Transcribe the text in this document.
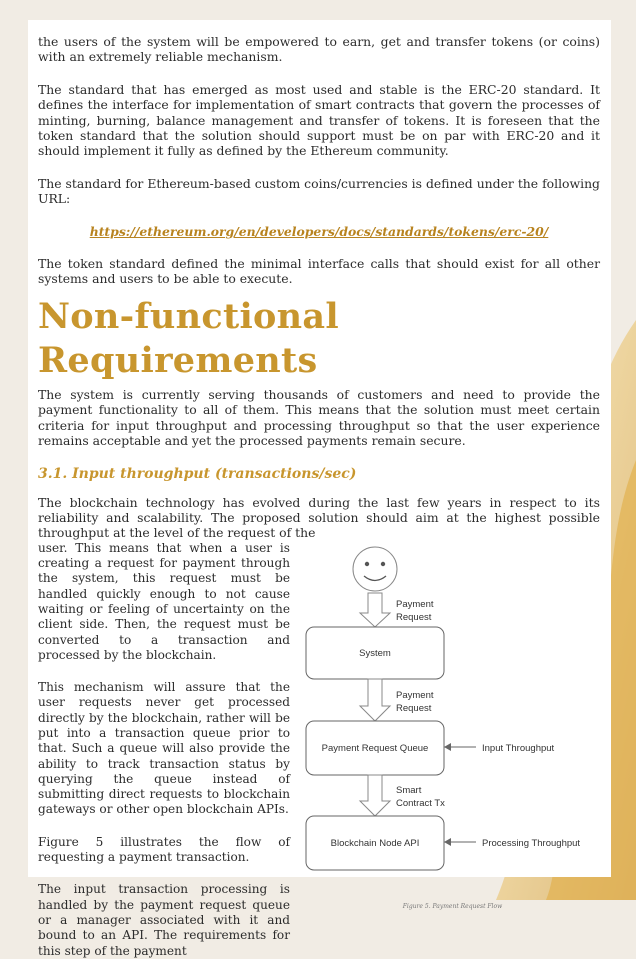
the users of the system will be empowered to earn, get and transfer tokens (or coins) with an extremely reliable mechanism.

The standard that has emerged as most used and stable is the ERC-20 standard. It defines the interface for implementation of smart contracts that govern the processes of minting, burning, balance management and transfer of tokens. It is foreseen that the token standard that the solution should support must be on par with ERC-20 and it should implement it fully as defined by the Ethereum community.

The standard for Ethereum-based custom coins/currencies is defined under the following URL:

https://ethereum.org/en/developers/docs/standards/tokens/erc-20/

The token standard defined the minimal interface calls that should exist for all other systems and users to be able to execute.

Non-functional Requirements

The system is currently serving thousands of customers and need to provide the payment functionality to all of them. This means that the solution must meet certain criteria for input throughput and processing throughput so that the user experience remains acceptable and yet the processed payments remain secure.

3.1. Input throughput (transactions/sec)

The blockchain technology has evolved during the last few years in respect to its reliability and scalability. The proposed solution should aim at the highest possible throughput at the level of the request of the

user. This means that when a user is creating a request for payment through the system, this request must be handled quickly enough to not cause waiting or feeling of uncertainty on the client side. Then, the request must be converted to a transaction and processed by the blockchain.

This mechanism will assure that the user requests never get processed directly by the blockchain, rather will be put into a transaction queue prior to that. Such a queue will also provide the ability to track transaction status by querying the queue instead of submitting direct requests to blockchain gateways or other open blockchain APIs.

Figure 5 illustrates the flow of requesting a payment transaction.

The input transaction processing is handled by the payment request queue or a manager associated with it and bound to an API. The requirements for this step of the payment

Payment
Request
System
Payment
Request
Payment Request Queue	Input Throughput
Smart
Contract Tx
Blockchain Node API	Processing Throughput
Figure 5. Payment Request Flow
